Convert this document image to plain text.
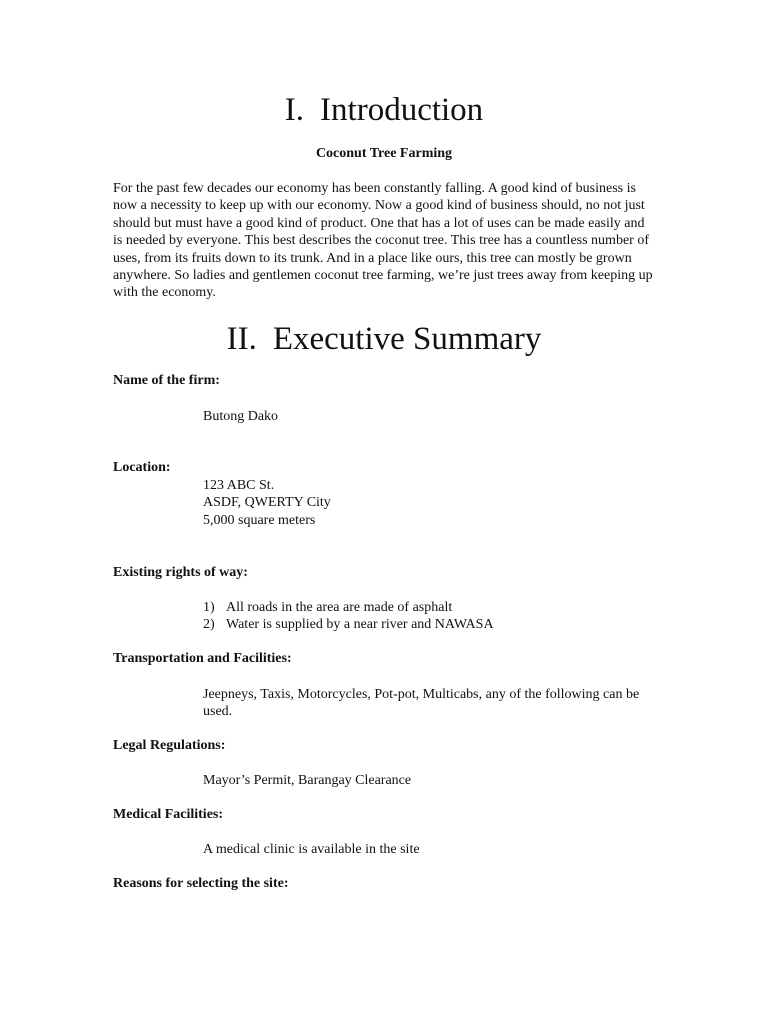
I. Introduction
Coconut Tree Farming
For the past few decades our economy has been constantly falling. A good kind of business is now a necessity to keep up with our economy. Now a good kind of business should, no not just should but must have a good kind of product. One that has a lot of uses can be made easily and is needed by everyone. This best describes the coconut tree. This tree has a countless number of uses, from its fruits down to its trunk. And in a place like ours, this tree can mostly be grown anywhere. So ladies and gentlemen coconut tree farming, we’re just trees away from keeping up with the economy.
II. Executive Summary
Name of the firm:
Butong Dako
Location:
123 ABC St.
ASDF, QWERTY City
5,000 square meters
Existing rights of way:
1) All roads in the area are made of asphalt
2) Water is supplied by a near river and NAWASA
Transportation and Facilities:
Jeepneys, Taxis, Motorcycles, Pot-pot, Multicabs, any of the following can be used.
Legal Regulations:
Mayor’s Permit, Barangay Clearance
Medical Facilities:
A medical clinic is available in the site
Reasons for selecting the site:
